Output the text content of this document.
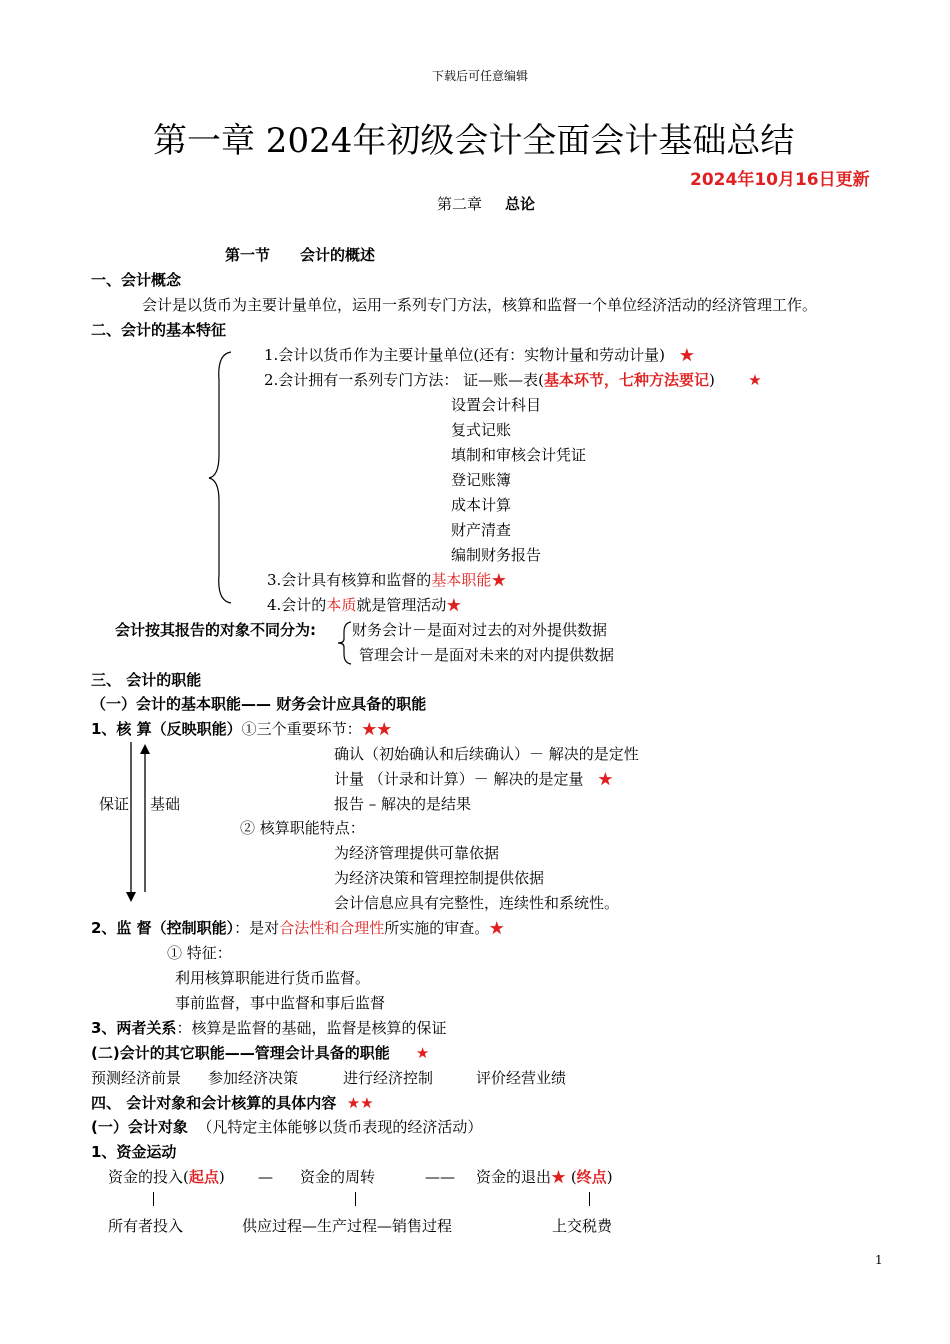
下载后可任意编辑
第一章 2024年初级会计全面会计基础总结
2024年10月16日更新
第二章 总论
第一节 会计的概述
一、会计概念
会计是以货币为主要计量单位，运用一系列专门方法，核算和监督一个单位经济活动的经济管理工作。
二、会计的基本特征
1.会计以货币作为主要计量单位(还有：实物计量和劳动计量) ★
2.会计拥有一系列专门方法： 证—账—表(基本环节，七种方法要记) ★
设置会计科目
复式记账
填制和审核会计凭证
登记账簿
成本计算
财产清查
编制财务报告
3.会计具有核算和监督的基本职能★
4.会计的本质就是管理活动★
会计按其报告的对象不同分为: 财务会计－是面对过去的对外提供数据
管理会计－是面对未来的对内提供数据
三、 会计的职能
（一）会计的基本职能—— 财务会计应具备的职能
1、核 算（反映职能）①三个重要环节：★★
确认（初始确认和后续确认）－ 解决的是定性
计量 （计录和计算）－ 解决的是定量 ★
报告 – 解决的是结果
保证 基础
② 核算职能特点：
为经济管理提供可靠依据
为经济决策和管理控制提供依据
会计信息应具有完整性，连续性和系统性。
2、监 督（控制职能）：是对合法性和合理性所实施的审查。★
① 特征：
利用核算职能进行货币监督。
事前监督，事中监督和事后监督
3、两者关系：核算是监督的基础，监督是核算的保证
(二)会计的其它职能——管理会计具备的职能 ★
预测经济前景 参加经济决策	进行经济控制	评价经营业绩
四、 会计对象和会计核算的具体内容 ★★
(一）会计对象 （凡特定主体能够以货币表现的经济活动）
1、资金运动
资金的投入(起点) — 资金的周转	—— 资金的退出★ (终点)
所有者投入	供应过程—生产过程—销售过程	上交税费
1
